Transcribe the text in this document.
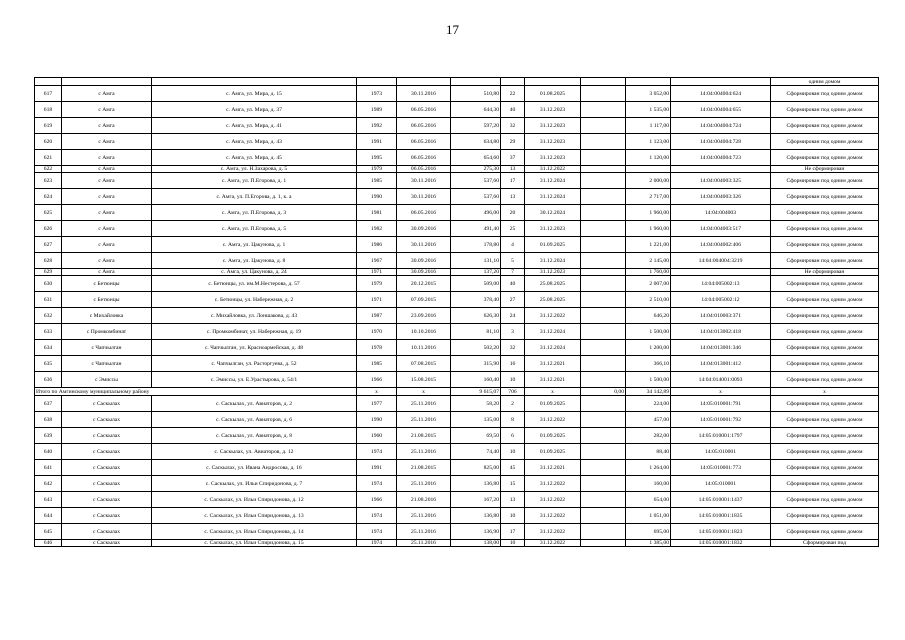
17
											одним домом
617	с Амга	с. Амга, ул. Мира, д. 15	1973	30.11.2016	510,80	22	01.08.2025		3 052,00	14:04:004004:624	Сформирован под одним домом
618	с Амга	с. Амга, ул. Мира, д. 37	1989	06.05.2016	644,30	40	31.12.2023		1 535,00	14:04:004004:655	Сформирован под одним домом
619	с Амга	с. Амга, ул. Мира, д. 41	1992	06.05.2016	597,20	32	31.12.2023		1 117,00	14:04:004004:724	Сформирован под одним домом
620	с Амга	с. Амга, ул. Мира, д. 43	1991	06.05.2016	634,80	29	31.12.2023		1 123,00	14:04:004004:728	Сформирован под одним домом
621	с Амга	с. Амга, ул. Мира, д. 45	1995	06.05.2016	654,60	37	31.12.2023		1 120,00	14:04:004004:723	Сформирован под одним домом
622	с Амга	с. Амга, ул. Н.Захарова, д. 5	1979	06.05.2016	275,30	13	31.12.2022				Не сформирован
623	с Амга	с. Амга, ул. П.Егорова, д. 1	1985	30.11.2016	537,60	17	31.12.2024		2 000,00	14:04:004003:325	Сформирован под одним домом
624	с Амга	с. Амга, ул. П.Егорова, д. 1, к. а	1990	30.11.2016	537,60	13	31.12.2024		2 717,00	14:04:004003:326	Сформирован под одним домом
625	с Амга	с. Амга, ул. П.Егорова, д. 3	1981	06.05.2016	496,00	20	30.12.2024		1 960,00	14:04:004003	Сформирован под одним домом
626	с Амга	с. Амга, ул. П.Егорова, д. 5	1982	30.09.2016	491,40	25	31.12.2023		1 960,00	14:04:004003:517	Сформирован под одним домом
627	с Амга	с. Амга, ул. Цакунова, д. 1	1986	30.11.2016	178,80	4	01.09.2025		1 221,00	14:04:004002:406	Сформирован под одним домом
628	с Амга	с. Амга, ул. Цакунова, д. 8	1967	30.09.2016	131,10	5	31.12.2024		2 145,00	14:04:004004:3219	Сформирован под одним домом
629	с Амга	с. Амга, ул. Цакунова, д. 24	1971	30.09.2016	137,20	7	31.12.2023		1 760,00		Не сформирован
630	с Бетюнцы	с. Бетюнцы, ул. им.М.Нестерова, д. 57	1979	20.12.2015	509,00	40	25.08.2025		2 007,00	14:04:005002:13	Сформирован под одним домом
631	с Бетюнцы	с. Бетюнцы, ул. Набережная, д. 2	1971	07.09.2015	378,40	27	25.08.2025		2 510,00	14:04:005002:12	Сформирован под одним домом
632	с Михайловка	с. Михайловка, ул. Лоншакова, д. 43	1987	23.09.2016	626,30	24	31.12.2022		646,20	14:04:010003:371	Сформирован под одним домом
633	с Промкомбинат	с. Промкомбинат, ул. Набережная, д. 19	1970	10.10.2016	81,10	3	31.12.2024		1 500,00	14:04:013002:418	Сформирован под одним домом
634	с Чапчылган	с. Чапчылган, ул. Красноармейская, д. 48	1978	10.11.2016	502,20	32	31.12.2024		1 200,00	14:04:013001:346	Сформирован под одним домом
635	с Чапчылган	с. Чапчылган, ул. Расторгуева, д. 52	1985	07.08.2015	315,90	16	31.12.2021		366,10	14:04:013001:412	Сформирован под одним домом
636	с Эмиссы	с. Эмиссы, ул. Е.Урастырова, д. 54/1	1966	15.08.2015	160,40	10	31.12.2021		1 500,00	14:04:014001:0093	Сформирован под одним домом
Итого по Амгинскому муниципальному району			х	х	9 615,07	706	х	0,00	34 142,89	х	х
637	с Саскылах	с. Саскылах, ул. Авиаторов, д. 2	1977	25.11.2016	58,20	2	01.09.2025		224,00	14:05:010001:791	Сформирован под одним домом
638	с Саскылах	с. Саскылах, ул. Авиаторов, д. 6	1990	25.11.2016	135,00	8	31.12.2022		457,00	14:05:010001:792	Сформирован под одним домом
639	с Саскылах	с. Саскылах, ул. Авиаторов, д. 8	1960	21.08.2015	69,50	6	01.09.2025		282,00	14:05:010001:1797	Сформирован под одним домом
640	с Саскылах	с. Саскылах, ул. Авиаторов, д. 12	1974	25.11.2016	74,40	10	01.09.2025		88,40	14:05:010001	Сформирован под одним домом
641	с Саскылах	с. Саскылах, ул. Ивана Андросова, д. 16	1991	21.08.2015	825,00	45	31.12.2021		1 264,00	14:05:010001:773	Сформирован под одним домом
642	с Саскылах	с. Саскылах, ул. Ильи Спиридонова, д. 7	1974	25.11.2016	136,80	15	31.12.2022		160,00	14:05:010001	Сформирован под одним домом
643	с Саскылах	с. Саскылах, ул. Ильи Спиридонова, д. 12	1966	21.08.2016	167,20	13	31.12.2022		654,00	14:05:010001:1437	Сформирован под одним домом
644	с Саскылах	с. Саскылах, ул. Ильи Спиридонова, д. 13	1974	25.11.2016	136,80	10	31.12.2022		1 051,00	14:05:010001:1835	Сформирован под одним домом
645	с Саскылах	с. Саскылах, ул. Ильи Спиридонова, д. 14	1974	25.11.2016	136,90	17	31.12.2022		695,00	14:05:010001:1823	Сформирован под одним домом
646	с Саскылах	с. Саскылах, ул. Ильи Спиридонова, д. 15	1974	25.11.2016	138,00	10	31.12.2022		1 385,00	14:05:010001:1832	Сформирован под
